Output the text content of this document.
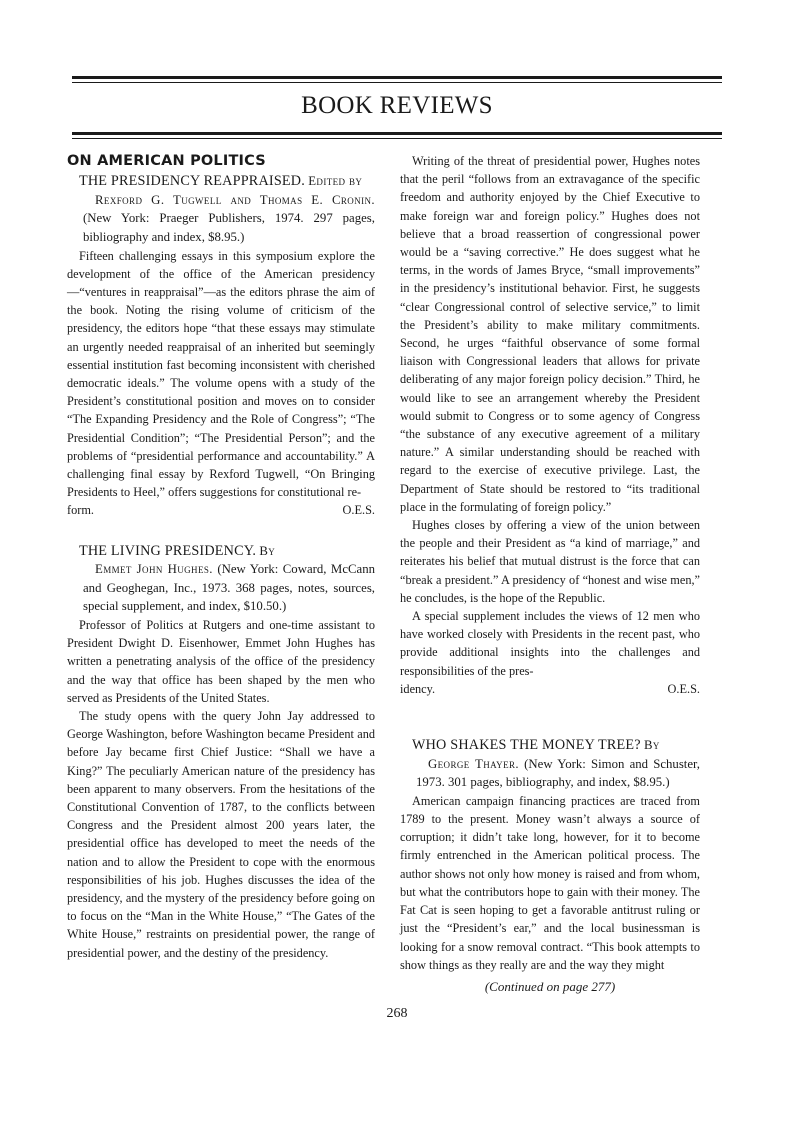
BOOK REVIEWS
ON AMERICAN POLITICS

THE PRESIDENCY REAPPRAISED. Edited by
Rexford G. Tugwell and Thomas E. Cronin. (New York: Praeger Publishers, 1974. 297 pages, bibliography and index, $8.95.)

Fifteen challenging essays in this symposium explore the development of the office of the American presidency—“ventures in reappraisal”—as the editors phrase the aim of the book. Noting the rising volume of criticism of the presidency, the editors hope “that these essays may stimulate an urgently needed reappraisal of an inherited but seemingly essential institution fast becoming inconsistent with cherished democratic ideals.” The volume opens with a study of the President’s constitutional position and moves on to consider “The Expanding Presidency and the Role of Congress”; “The Presidential Condition”; “The Presidential Person”; and the problems of “presidential performance and accountability.” A challenging final essay by Rexford Tugwell, “On Bringing Presidents to Heel,” offers suggestions for constitutional re-

form.	O.E.S.

THE LIVING PRESIDENCY. By
Emmet John Hughes. (New York: Coward, McCann and Geoghegan, Inc., 1973. 368 pages, notes, sources, special supplement, and index, $10.50.)

Professor of Politics at Rutgers and one-time assistant to President Dwight D. Eisenhower, Emmet John Hughes has written a penetrating analysis of the office of the presidency and the way that office has been shaped by the men who served as Presidents of the United States.

The study opens with the query John Jay addressed to George Washington, before Washington became President and before Jay became first Chief Justice: “Shall we have a King?” The peculiarly American nature of the presidency has been apparent to many observers. From the hesitations of the Constitutional Convention of 1787, to the conflicts between Congress and the President almost 200 years later, the presidential office has developed to meet the needs of the nation and to allow the President to cope with the enormous responsibilities of his job. Hughes discusses the idea of the presidency, and the mystery of the presidency before going on to focus on the “Man in the White House,” “The Gates of the White House,” restraints on presidential power, the range of presidential power, and the destiny of the presidency.

Writing of the threat of presidential power, Hughes notes that the peril “follows from an extravagance of the specific freedom and authority enjoyed by the Chief Executive to make foreign war and foreign policy.” Hughes does not believe that a broad reassertion of congressional power would be a “saving corrective.” He does suggest what he terms, in the words of James Bryce, “small improvements” in the presidency’s institutional behavior. First, he suggests “clear Congressional control of selective service,” to limit the President’s ability to make military commitments. Second, he urges “faithful observance of some formal liaison with Congressional leaders that allows for private deliberating of any major foreign policy decision.” Third, he would like to see an arrangement whereby the President would submit to Congress or to some agency of Congress “the substance of any executive agreement of a military nature.” A similar understanding should be reached with regard to the exercise of executive privilege. Last, the Department of State should be restored to “its traditional place in the formulating of foreign policy.”

Hughes closes by offering a view of the union between the people and their President as “a kind of marriage,” and reiterates his belief that mutual distrust is the force that can “break a president.” A presidency of “honest and wise men,” he concludes, is the hope of the Republic.

A special supplement includes the views of 12 men who have worked closely with Presidents in the recent past, who provide additional insights into the challenges and responsibilities of the pres-

idency.	O.E.S.

WHO SHAKES THE MONEY TREE? By
George Thayer. (New York: Simon and Schuster, 1973. 301 pages, bibliography, and index, $8.95.)

American campaign financing practices are traced from 1789 to the present. Money wasn’t always a source of corruption; it didn’t take long, however, for it to become firmly entrenched in the American political process. The author shows not only how money is raised and from whom, but what the contributors hope to gain with their money. The Fat Cat is seen hoping to get a favorable antitrust ruling or just the “President’s ear,” and the local businessman is looking for a snow removal contract. “This book attempts to show things as they really are and the way they might

(Continued on page 277)
268
